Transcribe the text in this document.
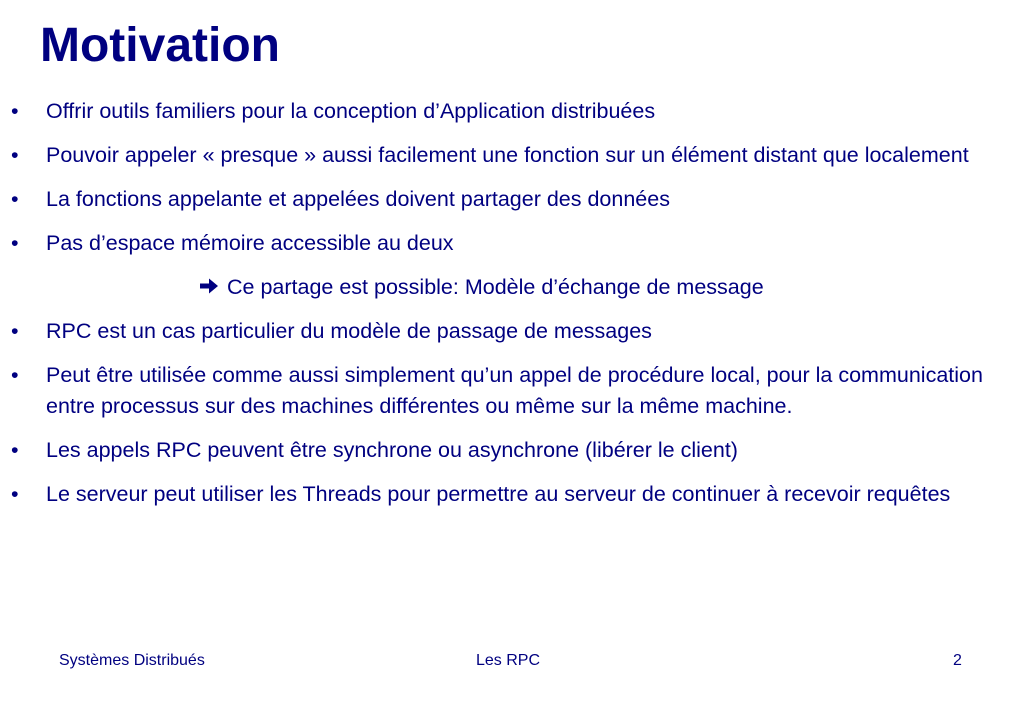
Motivation
• Offrir outils familiers pour la conception d’Application distribuées
• Pouvoir appeler « presque » aussi facilement une fonction sur un élément distant que localement
• La fonctions appelante et appelées doivent partager des données
• Pas d’espace mémoire accessible au deux
Ce partage est possible: Modèle d’échange de message
• RPC est un cas particulier du modèle de passage de messages
• Peut être utilisée comme aussi simplement qu’un appel de procédure local, pour la communication entre processus sur des machines différentes ou même sur la même machine.
• Les appels RPC peuvent être synchrone ou asynchrone (libérer le client)
• Le serveur peut utiliser les Threads pour permettre au serveur de continuer à recevoir requêtes
Systèmes Distribués	Les RPC	2
